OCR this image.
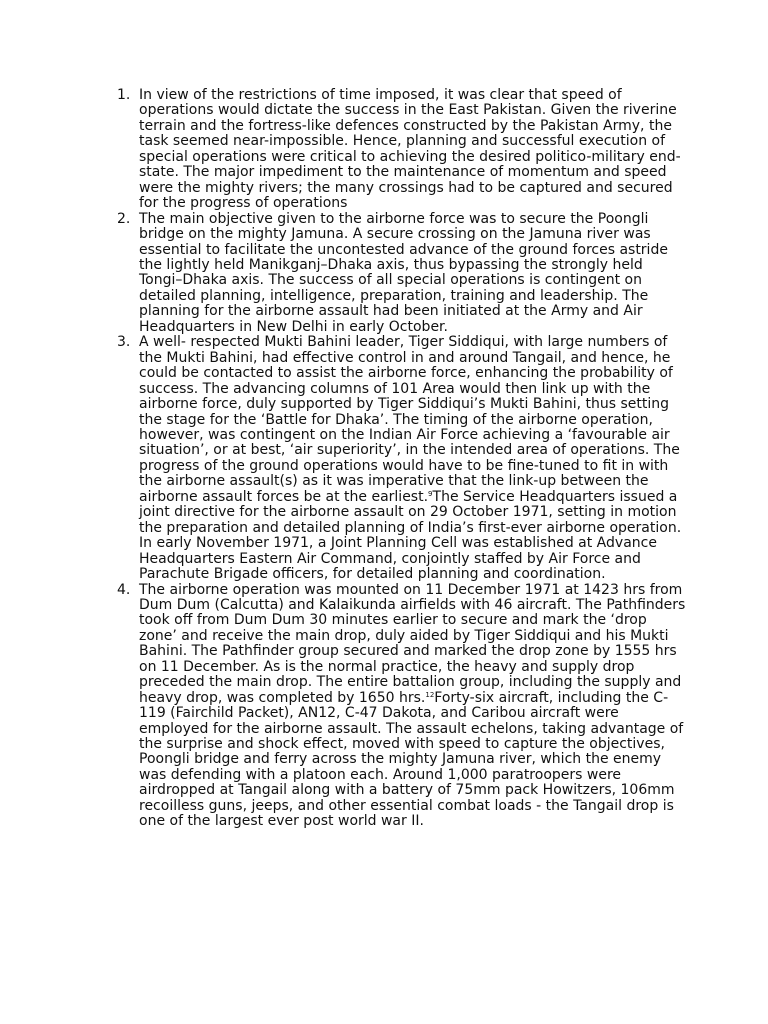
1. In view of the restrictions of time imposed, it was clear that speed of operations would dictate the success in the East Pakistan. Given the riverine terrain and the fortress-like defences constructed by the Pakistan Army, the task seemed near-impossible. Hence, planning and successful execution of special operations were critical to achieving the desired politico-military end-state. The major impediment to the maintenance of momentum and speed were the mighty rivers; the many crossings had to be captured and secured for the progress of operations

2. The main objective given to the airborne force was to secure the Poongli bridge on the mighty Jamuna. A secure crossing on the Jamuna river was essential to facilitate the uncontested advance of the ground forces astride the lightly held Manikganj–Dhaka axis, thus bypassing the strongly held Tongi–Dhaka axis. The success of all special operations is contingent on detailed planning, intelligence, preparation, training and leadership. The planning for the airborne assault had been initiated at the Army and Air Headquarters in New Delhi in early October.

3. A well- respected Mukti Bahini leader, Tiger Siddiqui, with large numbers of the Mukti Bahini, had effective control in and around Tangail, and hence, he could be contacted to assist the airborne force, enhancing the probability of success. The advancing columns of 101 Area would then link up with the airborne force, duly supported by Tiger Siddiqui’s Mukti Bahini, thus setting the stage for the ‘Battle for Dhaka’. The timing of the airborne operation, however, was contingent on the Indian Air Force achieving a ‘favourable air situation’, or at best, ‘air superiority’, in the intended area of operations. The progress of the ground operations would have to be fine-tuned to fit in with the airborne assault(s) as it was imperative that the link-up between the airborne assault forces be at the earliest.$^9$The Service Headquarters issued a joint directive for the airborne assault on 29 October 1971, setting in motion the preparation and detailed planning of India’s first-ever airborne operation. In early November 1971, a Joint Planning Cell was established at Advance Headquarters Eastern Air Command, conjointly staffed by Air Force and Parachute Brigade officers, for detailed planning and coordination.

4. The airborne operation was mounted on 11 December 1971 at 1423 hrs from Dum Dum (Calcutta) and Kalaikunda airfields with 46 aircraft. The Pathfinders took off from Dum Dum 30 minutes earlier to secure and mark the ‘drop zone’ and receive the main drop, duly aided by Tiger Siddiqui and his Mukti Bahini. The Pathfinder group secured and marked the drop zone by 1555 hrs on 11 December. As is the normal practice, the heavy and supply drop preceded the main drop. The entire battalion group, including the supply and heavy drop, was completed by 1650 hrs.$^{12}$Forty-six aircraft, including the C-119 (Fairchild Packet), AN12, C-47 Dakota, and Caribou aircraft were employed for the airborne assault. The assault echelons, taking advantage of the surprise and shock effect, moved with speed to capture the objectives, Poongli bridge and ferry across the mighty Jamuna river, which the enemy was defending with a platoon each. Around 1,000 paratroopers were airdropped at Tangail along with a battery of 75mm pack Howitzers, 106mm recoilless guns, jeeps, and other essential combat loads - the Tangail drop is one of the largest ever post world war II.
